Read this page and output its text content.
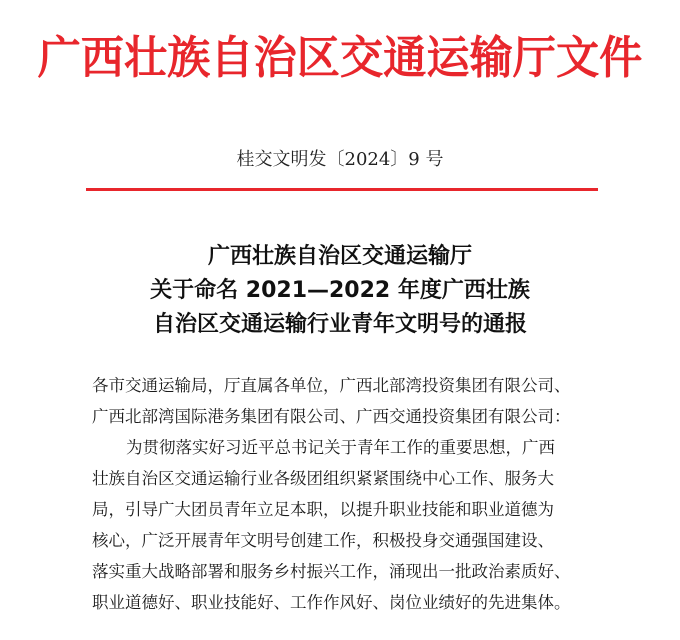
广西壮族自治区交通运输厅文件
桂交文明发〔2024〕9 号
广西壮族自治区交通运输厅
关于命名 2021—2022 年度广西壮族
自治区交通运输行业青年文明号的通报
各市交通运输局，厅直属各单位，广西北部湾投资集团有限公司、
广西北部湾国际港务集团有限公司、广西交通投资集团有限公司：
为贯彻落实好习近平总书记关于青年工作的重要思想，广西
壮族自治区交通运输行业各级团组织紧紧围绕中心工作、服务大
局，引导广大团员青年立足本职，以提升职业技能和职业道德为
核心，广泛开展青年文明号创建工作，积极投身交通强国建设、
落实重大战略部署和服务乡村振兴工作，涌现出一批政治素质好、
职业道德好、职业技能好、工作作风好、岗位业绩好的先进集体。
